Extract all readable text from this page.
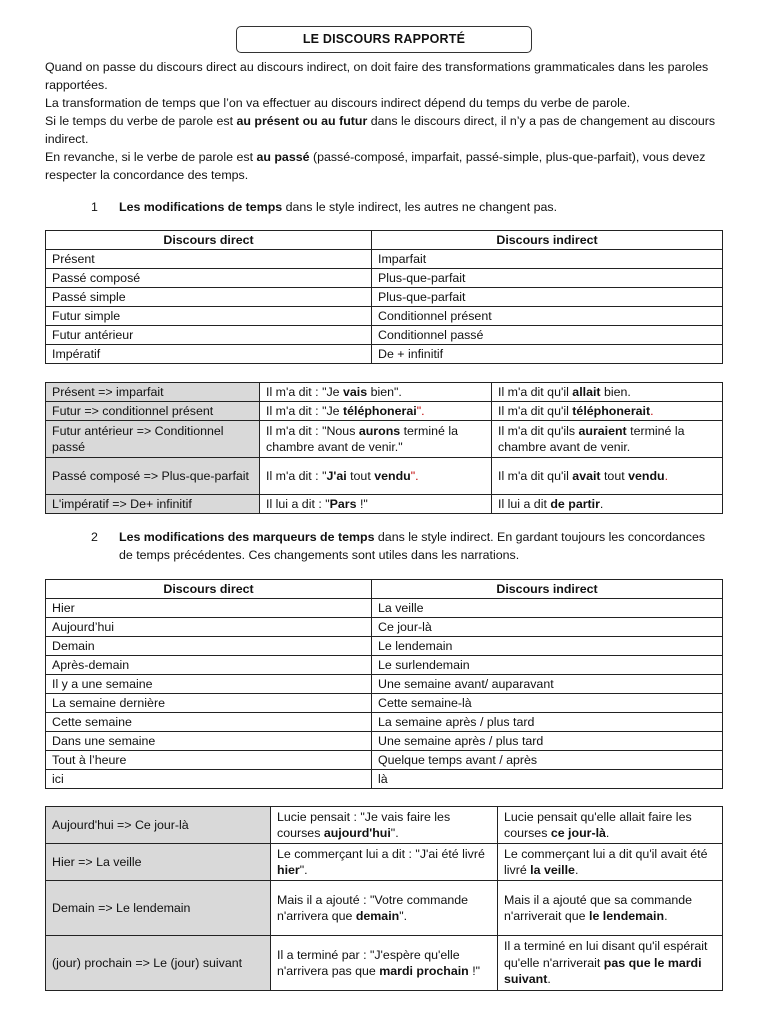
LE DISCOURS RAPPORTÉ

Quand on passe du discours direct au discours indirect, on doit faire des transformations grammaticales dans les paroles rapportées.

La transformation de temps que l’on va effectuer au discours indirect dépend du temps du verbe de parole.

Si le temps du verbe de parole est au présent ou au futur dans le discours direct, il n’y a pas de changement au discours indirect.

En revanche, si le verbe de parole est au passé (passé-composé, imparfait, passé-simple, plus-que-parfait), vous devez respecter la concordance des temps.

1 Les modifications de temps dans le style indirect, les autres ne changent pas.
Discours direct	Discours indirect
Présent	Imparfait
Passé composé	Plus-que-parfait
Passé simple	Plus-que-parfait
Futur simple	Conditionnel présent
Futur antérieur	Conditionnel passé
Impératif	De + infinitif
Présent => imparfait	Il m'a dit : "Je vais bien".	Il m'a dit qu'il allait bien.
Futur => conditionnel présent	Il m'a dit : "Je téléphonerai".	Il m'a dit qu'il téléphonerait.
Futur antérieur => Conditionnel passé	Il m'a dit : "Nous aurons terminé la chambre avant de venir."	Il m'a dit qu'ils auraient terminé la chambre avant de venir.
Passé composé => Plus-que-parfait	Il m'a dit : "J'ai tout vendu".	Il m'a dit qu'il avait tout vendu.
L'impératif => De+ infinitif	Il lui a dit : "Pars !"	Il lui a dit de partir.
2 Les modifications des marqueurs de temps dans le style indirect. En gardant toujours les concordances de temps précédentes. Ces changements sont utiles dans les narrations.
Discours direct	Discours indirect
Hier	La veille
Aujourd’hui	Ce jour-là
Demain	Le lendemain
Après-demain	Le surlendemain
Il y a une semaine	Une semaine avant/ auparavant
La semaine dernière	Cette semaine-là
Cette semaine	La semaine après / plus tard
Dans une semaine	Une semaine après / plus tard
Tout à l’heure	Quelque temps avant / après
ici	là
Aujourd'hui => Ce jour-là	Lucie pensait : "Je vais faire les courses aujourd'hui".	Lucie pensait qu'elle allait faire les courses ce jour-là.
Hier => La veille	Le commerçant lui a dit : "J'ai été livré hier".	Le commerçant lui a dit qu'il avait été livré la veille.
Demain => Le lendemain	Mais il a ajouté : "Votre commande n'arrivera que demain".	Mais il a ajouté que sa commande n'arriverait que le lendemain.
(jour) prochain => Le (jour) suivant	Il a terminé par : "J'espère qu'elle n'arrivera pas que mardi prochain !"	Il a terminé en lui disant qu'il espérait qu'elle n'arriverait pas que le mardi suivant.
